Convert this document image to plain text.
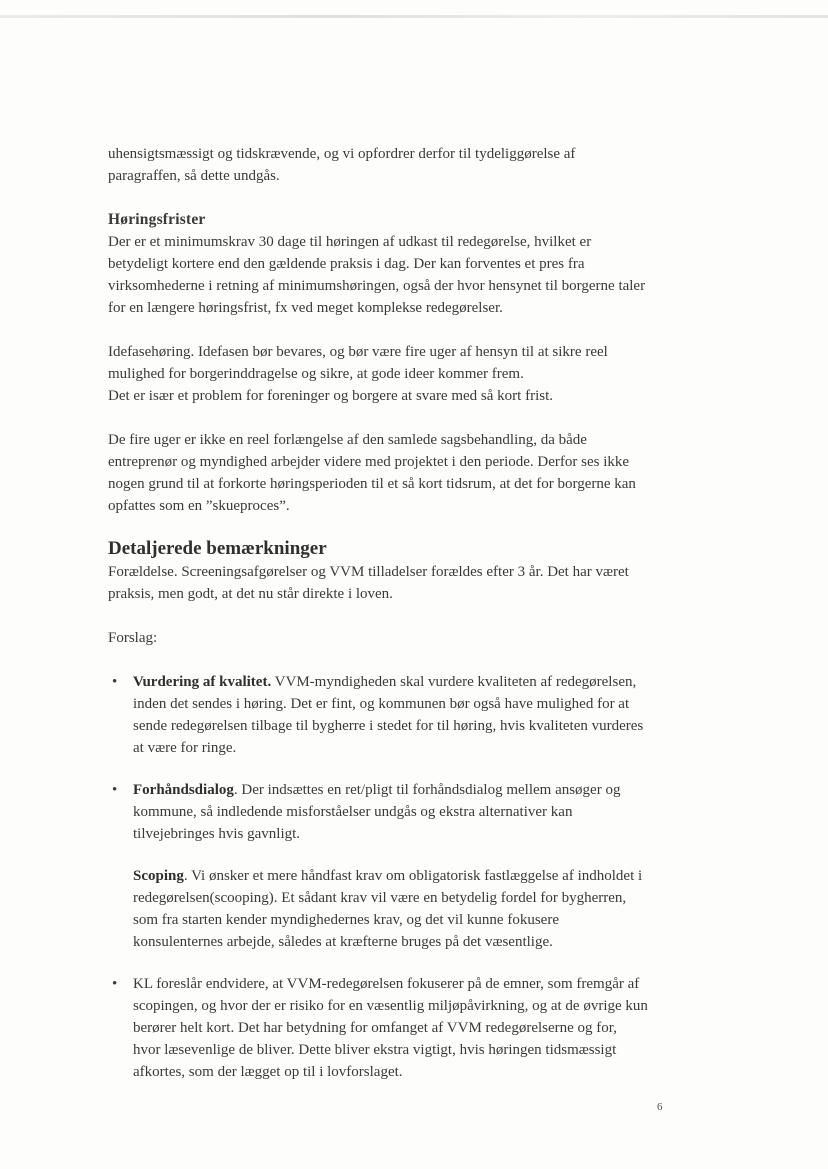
uhensigtsmæssigt og tidskrævende, og vi opfordrer derfor til tydeliggørelse af paragraffen, så dette undgås.

Høringsfrister

Der er et minimumskrav 30 dage til høringen af udkast til redegørelse, hvilket er betydeligt kortere end den gældende praksis i dag. Der kan forventes et pres fra virksomhederne i retning af minimumshøringen, også der hvor hensynet til borgerne taler for en længere høringsfrist, fx ved meget komplekse redegørelser.

Idefasehøring. Idefasen bør bevares, og bør være fire uger af hensyn til at sikre reel mulighed for borgerinddragelse og sikre, at gode ideer kommer frem.
Det er især et problem for foreninger og borgere at svare med så kort frist.

De fire uger er ikke en reel forlængelse af den samlede sagsbehandling, da både entreprenør og myndighed arbejder videre med projektet i den periode. Derfor ses ikke nogen grund til at forkorte høringsperioden til et så kort tidsrum, at det for borgerne kan opfattes som en ”skueproces”.

Detaljerede bemærkninger

Forældelse. Screeningsafgørelser og VVM tilladelser forældes efter 3 år. Det har været praksis, men godt, at det nu står direkte i loven.

Forslag:

• Vurdering af kvalitet. VVM-myndigheden skal vurdere kvaliteten af redegørelsen, inden det sendes i høring. Det er fint, og kommunen bør også have mulighed for at sende redegørelsen tilbage til bygherre i stedet for til høring, hvis kvaliteten vurderes at være for ringe.
• Forhåndsdialog. Der indsættes en ret/pligt til forhåndsdialog mellem ansøger og kommune, så indledende misforståelser undgås og ekstra alternativer kan tilvejebringes hvis gavnligt.

Scoping. Vi ønsker et mere håndfast krav om obligatorisk fastlæggelse af indholdet i redegørelsen(scooping). Et sådant krav vil være en betydelig fordel for bygherren, som fra starten kender myndighedernes krav, og det vil kunne fokusere konsulenternes arbejde, således at kræfterne bruges på det væsentlige.

• KL foreslår endvidere, at VVM-redegørelsen fokuserer på de emner, som fremgår af scopingen, og hvor der er risiko for en væsentlig miljøpåvirkning, og at de øvrige kun berører helt kort. Det har betydning for omfanget af VVM redegørelserne og for, hvor læsevenlige de bliver. Dette bliver ekstra vigtigt, hvis høringen tidsmæssigt afkortes, som der lægget op til i lovforslaget.
6
